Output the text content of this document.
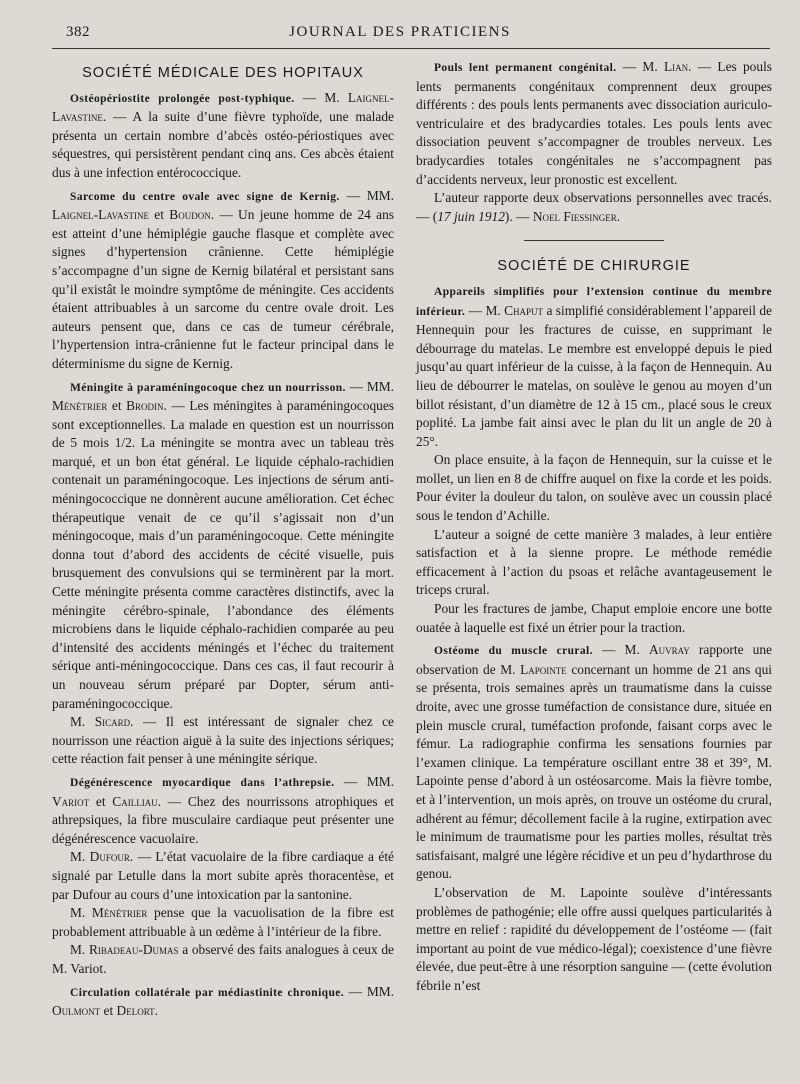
382	JOURNAL DES PRATICIENS
SOCIÉTÉ MÉDICALE DES HOPITAUX

Ostéopériostite prolongée post-typhique. — M. Laignel-Lavastine. — A la suite d’une fièvre typhoïde, une malade présenta un certain nombre d’abcès ostéo-périostiques avec séquestres, qui persistèrent pendant cinq ans. Ces abcès étaient dus à une infection entérococcique.

Sarcome du centre ovale avec signe de Kernig. — MM. Laignel-Lavastine et Boudon. — Un jeune homme de 24 ans est atteint d’une hémiplégie gauche flasque et complète avec signes d’hypertension crânienne. Cette hémiplégie s’accompagne d’un signe de Kernig bilatéral et persistant sans qu’il existât le moindre symptôme de méningite. Ces accidents étaient attribuables à un sarcome du centre ovale droit. Les auteurs pensent que, dans ce cas de tumeur cérébrale, l’hypertension intra-crânienne fut le facteur principal dans le déterminisme du signe de Kernig.

Méningite à paraméningocoque chez un nourrisson. — MM. Ménétrier et Brodin. — Les méningites à paraméningocoques sont exceptionnelles. La malade en question est un nourrisson de 5 mois 1/2. La méningite se montra avec un tableau très marqué, et un bon état général. Le liquide céphalo-rachidien contenait un paraméningocoque. Les injections de sérum anti-méningococcique ne donnèrent aucune amélioration. Cet échec thérapeutique venait de ce qu’il s’agissait non d’un méningocoque, mais d’un paraméningocoque. Cette méningite donna tout d’abord des accidents de cécité visuelle, puis brusquement des convulsions qui se terminèrent par la mort. Cette méningite présenta comme caractères distinctifs, avec la méningite cérébro-spinale, l’abondance des éléments microbiens dans le liquide céphalo-rachidien comparée au peu d’intensité des accidents méningés et l’échec du traitement sérique anti-méningococcique. Dans ces cas, il faut recourir à un nouveau sérum préparé par Dopter, sérum anti-paraméningococcique.

M. Sicard. — Il est intéressant de signaler chez ce nourrisson une réaction aiguë à la suite des injections sériques; cette réaction fait penser à une méningite sérique.

Dégénérescence myocardique dans l’athrepsie. — MM. Variot et Cailliau. — Chez des nourrissons atrophiques et athrepsiques, la fibre musculaire cardiaque peut présenter une dégénérescence vacuolaire.

M. Dufour. — L’état vacuolaire de la fibre cardiaque a été signalé par Letulle dans la mort subite après thoracentèse, et par Dufour au cours d’une intoxication par la santonine.

M. Ménétrier pense que la vacuolisation de la fibre est probablement attribuable à un œdème à l’intérieur de la fibre.

M. Ribadeau-Dumas a observé des faits analogues à ceux de M. Variot.

Circulation collatérale par médiastinite chronique. — MM. Oulmont et Delort.

Pouls lent permanent congénital. — M. Lian. — Les pouls lents permanents congénitaux comprennent deux groupes différents : des pouls lents permanents avec dissociation auriculo-ventriculaire et des bradycardies totales. Les pouls lents avec dissociation peuvent s’accompagner de troubles nerveux. Les bradycardies totales congénitales ne s’accompagnent pas d’accidents nerveux, leur pronostic est excellent.

L’auteur rapporte deux observations personnelles avec tracés. — (17 juin 1912). — Noel Fiessinger.

SOCIÉTÉ DE CHIRURGIE

Appareils simplifiés pour l’extension continue du membre inférieur. — M. Chaput a simplifié considérablement l’appareil de Hennequin pour les fractures de cuisse, en supprimant le débourrage du matelas. Le membre est enveloppé depuis le pied jusqu’au quart inférieur de la cuisse, à la façon de Hennequin. Au lieu de débourrer le matelas, on soulève le genou au moyen d’un billot résistant, d’un diamètre de 12 à 15 cm., placé sous le creux poplité. La jambe fait ainsi avec le plan du lit un angle de 20 à 25°.

On place ensuite, à la façon de Hennequin, sur la cuisse et le mollet, un lien en 8 de chiffre auquel on fixe la corde et les poids. Pour éviter la douleur du talon, on soulève avec un coussin placé sous le tendon d’Achille.

L’auteur a soigné de cette manière 3 malades, à leur entière satisfaction et à la sienne propre. Le méthode remédie efficacement à l’action du psoas et relâche avantageusement le triceps crural.

Pour les fractures de jambe, Chaput emploie encore une botte ouatée à laquelle est fixé un étrier pour la traction.

Ostéome du muscle crural. — M. Auvray rapporte une observation de M. Lapointe concernant un homme de 21 ans qui se présenta, trois semaines après un traumatisme dans la cuisse droite, avec une grosse tuméfaction de consistance dure, située en plein muscle crural, tuméfaction profonde, faisant corps avec le fémur. La radiographie confirma les sensations fournies par l’examen clinique. La température oscillant entre 38 et 39°, M. Lapointe pense d’abord à un ostéosarcome. Mais la fièvre tombe, et à l’intervention, un mois après, on trouve un ostéome du crural, adhérent au fémur; décollement facile à la rugine, extirpation avec le minimum de traumatisme pour les parties molles, résultat très satisfaisant, malgré une légère récidive et un peu d’hydarthrose du genou.

L’observation de M. Lapointe soulève d’intéressants problèmes de pathogénie; elle offre aussi quelques particularités à mettre en relief : rapidité du développement de l’ostéome — (fait important au point de vue médico-légal); coexistence d’une fièvre élevée, due peut-être à une résorption sanguine — (cette évolution fébrile n’est
